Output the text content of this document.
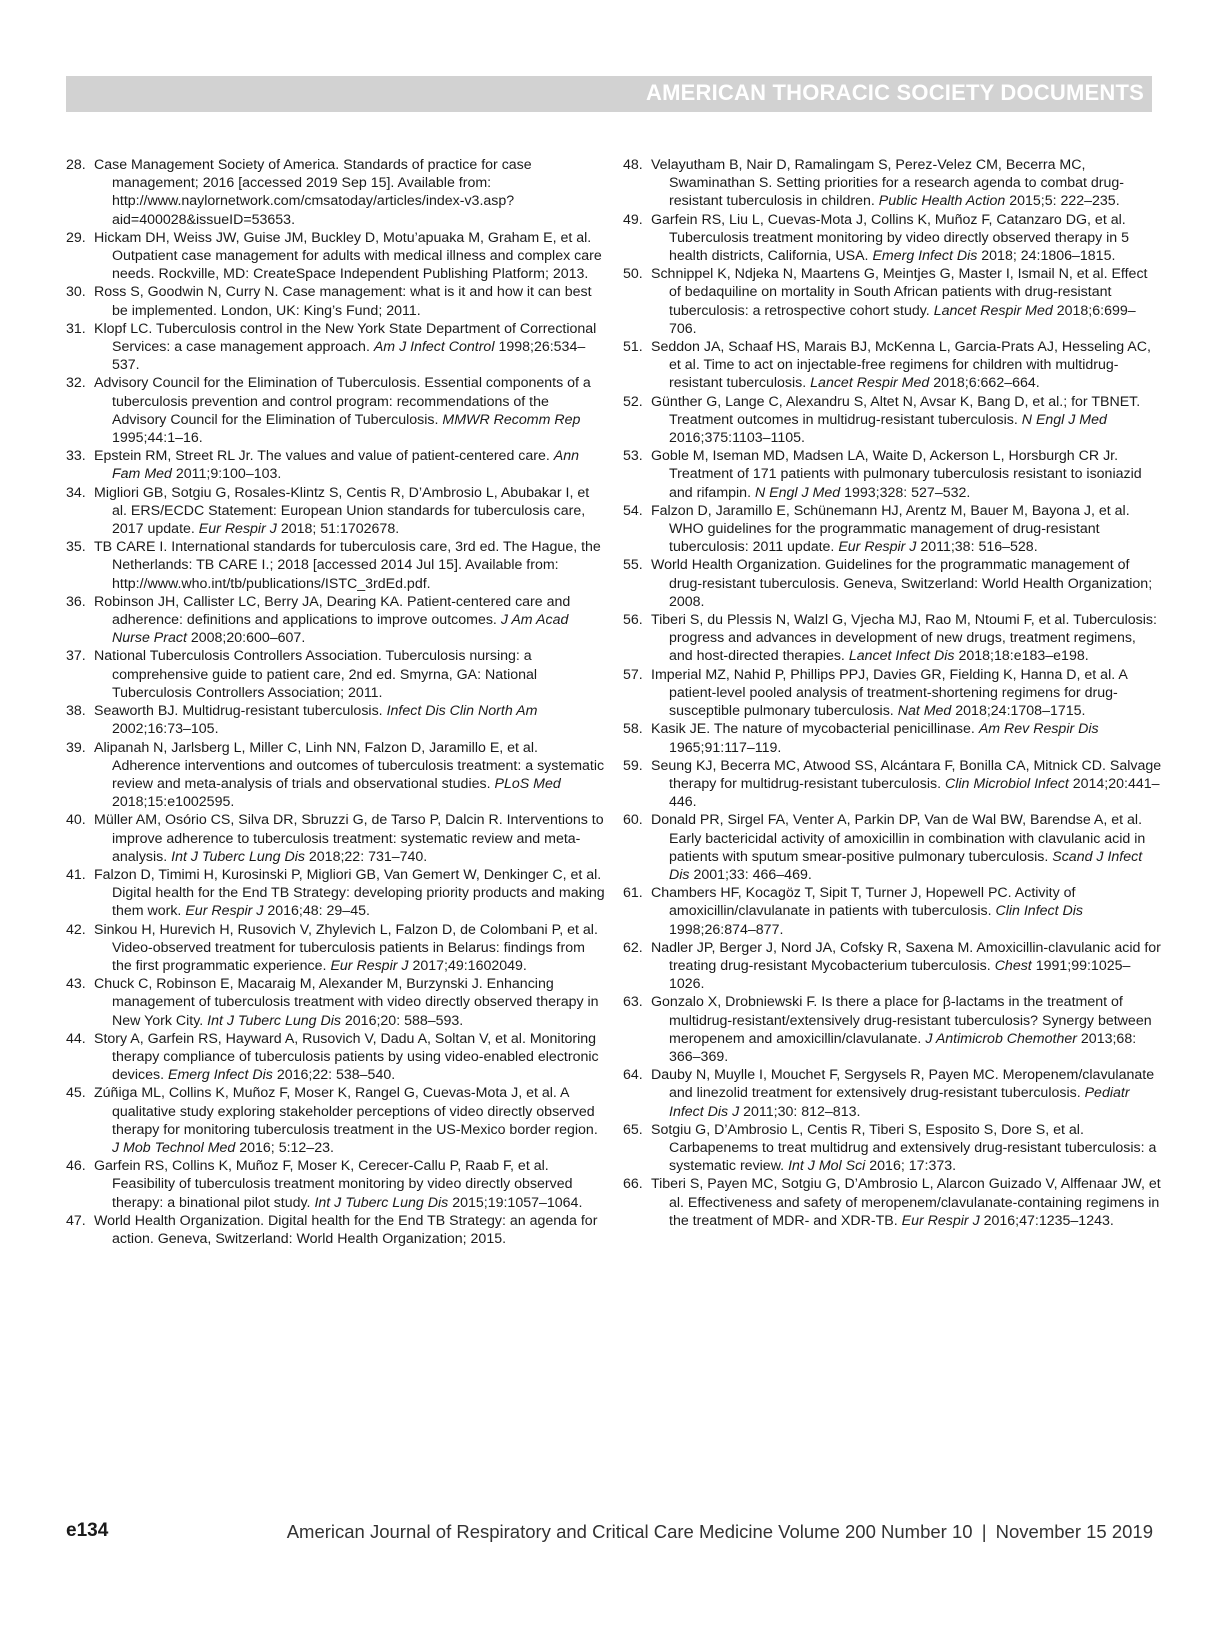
AMERICAN THORACIC SOCIETY DOCUMENTS
28. Case Management Society of America. Standards of practice for case management; 2016 [accessed 2019 Sep 15]. Available from: http://www.naylornetwork.com/cmsatoday/articles/index-v3.asp?aid=400028&issueID=53653.
29. Hickam DH, Weiss JW, Guise JM, Buckley D, Motu’apuaka M, Graham E, et al. Outpatient case management for adults with medical illness and complex care needs. Rockville, MD: CreateSpace Independent Publishing Platform; 2013.
30. Ross S, Goodwin N, Curry N. Case management: what is it and how it can best be implemented. London, UK: King’s Fund; 2011.
31. Klopf LC. Tuberculosis control in the New York State Department of Correctional Services: a case management approach. Am J Infect Control 1998;26:534–537.
32. Advisory Council for the Elimination of Tuberculosis. Essential components of a tuberculosis prevention and control program: recommendations of the Advisory Council for the Elimination of Tuberculosis. MMWR Recomm Rep 1995;44:1–16.
33. Epstein RM, Street RL Jr. The values and value of patient-centered care. Ann Fam Med 2011;9:100–103.
34. Migliori GB, Sotgiu G, Rosales-Klintz S, Centis R, D’Ambrosio L, Abubakar I, et al. ERS/ECDC Statement: European Union standards for tuberculosis care, 2017 update. Eur Respir J 2018; 51:1702678.
35. TB CARE I. International standards for tuberculosis care, 3rd ed. The Hague, the Netherlands: TB CARE I.; 2018 [accessed 2014 Jul 15]. Available from: http://www.who.int/tb/publications/ISTC_3rdEd.pdf.
36. Robinson JH, Callister LC, Berry JA, Dearing KA. Patient-centered care and adherence: definitions and applications to improve outcomes. J Am Acad Nurse Pract 2008;20:600–607.
37. National Tuberculosis Controllers Association. Tuberculosis nursing: a comprehensive guide to patient care, 2nd ed. Smyrna, GA: National Tuberculosis Controllers Association; 2011.
38. Seaworth BJ. Multidrug-resistant tuberculosis. Infect Dis Clin North Am 2002;16:73–105.
39. Alipanah N, Jarlsberg L, Miller C, Linh NN, Falzon D, Jaramillo E, et al. Adherence interventions and outcomes of tuberculosis treatment: a systematic review and meta-analysis of trials and observational studies. PLoS Med 2018;15:e1002595.
40. Müller AM, Osório CS, Silva DR, Sbruzzi G, de Tarso P, Dalcin R. Interventions to improve adherence to tuberculosis treatment: systematic review and meta-analysis. Int J Tuberc Lung Dis 2018;22: 731–740.
41. Falzon D, Timimi H, Kurosinski P, Migliori GB, Van Gemert W, Denkinger C, et al. Digital health for the End TB Strategy: developing priority products and making them work. Eur Respir J 2016;48: 29–45.
42. Sinkou H, Hurevich H, Rusovich V, Zhylevich L, Falzon D, de Colombani P, et al. Video-observed treatment for tuberculosis patients in Belarus: findings from the first programmatic experience. Eur Respir J 2017;49:1602049.
43. Chuck C, Robinson E, Macaraig M, Alexander M, Burzynski J. Enhancing management of tuberculosis treatment with video directly observed therapy in New York City. Int J Tuberc Lung Dis 2016;20: 588–593.
44. Story A, Garfein RS, Hayward A, Rusovich V, Dadu A, Soltan V, et al. Monitoring therapy compliance of tuberculosis patients by using video-enabled electronic devices. Emerg Infect Dis 2016;22: 538–540.
45. Zúñiga ML, Collins K, Muñoz F, Moser K, Rangel G, Cuevas-Mota J, et al. A qualitative study exploring stakeholder perceptions of video directly observed therapy for monitoring tuberculosis treatment in the US-Mexico border region. J Mob Technol Med 2016; 5:12–23.
46. Garfein RS, Collins K, Muñoz F, Moser K, Cerecer-Callu P, Raab F, et al. Feasibility of tuberculosis treatment monitoring by video directly observed therapy: a binational pilot study. Int J Tuberc Lung Dis 2015;19:1057–1064.
47. World Health Organization. Digital health for the End TB Strategy: an agenda for action. Geneva, Switzerland: World Health Organization; 2015.
48. Velayutham B, Nair D, Ramalingam S, Perez-Velez CM, Becerra MC, Swaminathan S. Setting priorities for a research agenda to combat drug-resistant tuberculosis in children. Public Health Action 2015;5: 222–235.
49. Garfein RS, Liu L, Cuevas-Mota J, Collins K, Muñoz F, Catanzaro DG, et al. Tuberculosis treatment monitoring by video directly observed therapy in 5 health districts, California, USA. Emerg Infect Dis 2018; 24:1806–1815.
50. Schnippel K, Ndjeka N, Maartens G, Meintjes G, Master I, Ismail N, et al. Effect of bedaquiline on mortality in South African patients with drug-resistant tuberculosis: a retrospective cohort study. Lancet Respir Med 2018;6:699–706.
51. Seddon JA, Schaaf HS, Marais BJ, McKenna L, Garcia-Prats AJ, Hesseling AC, et al. Time to act on injectable-free regimens for children with multidrug-resistant tuberculosis. Lancet Respir Med 2018;6:662–664.
52. Günther G, Lange C, Alexandru S, Altet N, Avsar K, Bang D, et al.; for TBNET. Treatment outcomes in multidrug-resistant tuberculosis. N Engl J Med 2016;375:1103–1105.
53. Goble M, Iseman MD, Madsen LA, Waite D, Ackerson L, Horsburgh CR Jr. Treatment of 171 patients with pulmonary tuberculosis resistant to isoniazid and rifampin. N Engl J Med 1993;328: 527–532.
54. Falzon D, Jaramillo E, Schünemann HJ, Arentz M, Bauer M, Bayona J, et al. WHO guidelines for the programmatic management of drug-resistant tuberculosis: 2011 update. Eur Respir J 2011;38: 516–528.
55. World Health Organization. Guidelines for the programmatic management of drug-resistant tuberculosis. Geneva, Switzerland: World Health Organization; 2008.
56. Tiberi S, du Plessis N, Walzl G, Vjecha MJ, Rao M, Ntoumi F, et al. Tuberculosis: progress and advances in development of new drugs, treatment regimens, and host-directed therapies. Lancet Infect Dis 2018;18:e183–e198.
57. Imperial MZ, Nahid P, Phillips PPJ, Davies GR, Fielding K, Hanna D, et al. A patient-level pooled analysis of treatment-shortening regimens for drug-susceptible pulmonary tuberculosis. Nat Med 2018;24:1708–1715.
58. Kasik JE. The nature of mycobacterial penicillinase. Am Rev Respir Dis 1965;91:117–119.
59. Seung KJ, Becerra MC, Atwood SS, Alcántara F, Bonilla CA, Mitnick CD. Salvage therapy for multidrug-resistant tuberculosis. Clin Microbiol Infect 2014;20:441–446.
60. Donald PR, Sirgel FA, Venter A, Parkin DP, Van de Wal BW, Barendse A, et al. Early bactericidal activity of amoxicillin in combination with clavulanic acid in patients with sputum smear-positive pulmonary tuberculosis. Scand J Infect Dis 2001;33: 466–469.
61. Chambers HF, Kocagöz T, Sipit T, Turner J, Hopewell PC. Activity of amoxicillin/clavulanate in patients with tuberculosis. Clin Infect Dis 1998;26:874–877.
62. Nadler JP, Berger J, Nord JA, Cofsky R, Saxena M. Amoxicillin-clavulanic acid for treating drug-resistant Mycobacterium tuberculosis. Chest 1991;99:1025–1026.
63. Gonzalo X, Drobniewski F. Is there a place for β-lactams in the treatment of multidrug-resistant/extensively drug-resistant tuberculosis? Synergy between meropenem and amoxicillin/clavulanate. J Antimicrob Chemother 2013;68: 366–369.
64. Dauby N, Muylle I, Mouchet F, Sergysels R, Payen MC. Meropenem/clavulanate and linezolid treatment for extensively drug-resistant tuberculosis. Pediatr Infect Dis J 2011;30: 812–813.
65. Sotgiu G, D’Ambrosio L, Centis R, Tiberi S, Esposito S, Dore S, et al. Carbapenems to treat multidrug and extensively drug-resistant tuberculosis: a systematic review. Int J Mol Sci 2016; 17:373.
66. Tiberi S, Payen MC, Sotgiu G, D’Ambrosio L, Alarcon Guizado V, Alffenaar JW, et al. Effectiveness and safety of meropenem/clavulanate-containing regimens in the treatment of MDR- and XDR-TB. Eur Respir J 2016;47:1235–1243.
e134	American Journal of Respiratory and Critical Care Medicine Volume 200 Number 10 | November 15 2019
